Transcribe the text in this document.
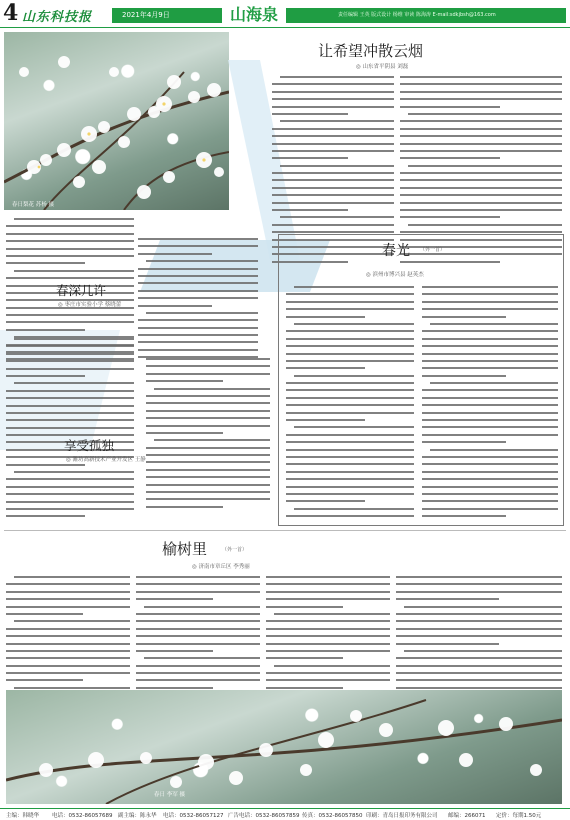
4 山东科技报	2021年4月9日	山海泉	责任编辑 王英 版式设计 杨维 审读 陈海涛 E-mail:sdkjbsh@163.com
春日梨花 苏杨 摄
让希望冲散云烟
◎ 山东省平阴县 刘磊
春深几许
◎ 枣庄市实验小学 蔡晓蕾
享受孤独
◎ 潍坊高新技术产业开发区 王静
春光 （外一首）
◎ 滨州市博兴县 赵英杰
榆树里	（外一首）
◎ 济南市章丘区 李秀丽
春日 李军 摄
主编：韩晓华 电话：0532-86057689 副主编：陈永华 电话：0532-86057127 广告电话：0532-86057859 传真：0532-86057850 印刷：青岛日报印务有限公司 邮编：266071 定价：每期1.50元
